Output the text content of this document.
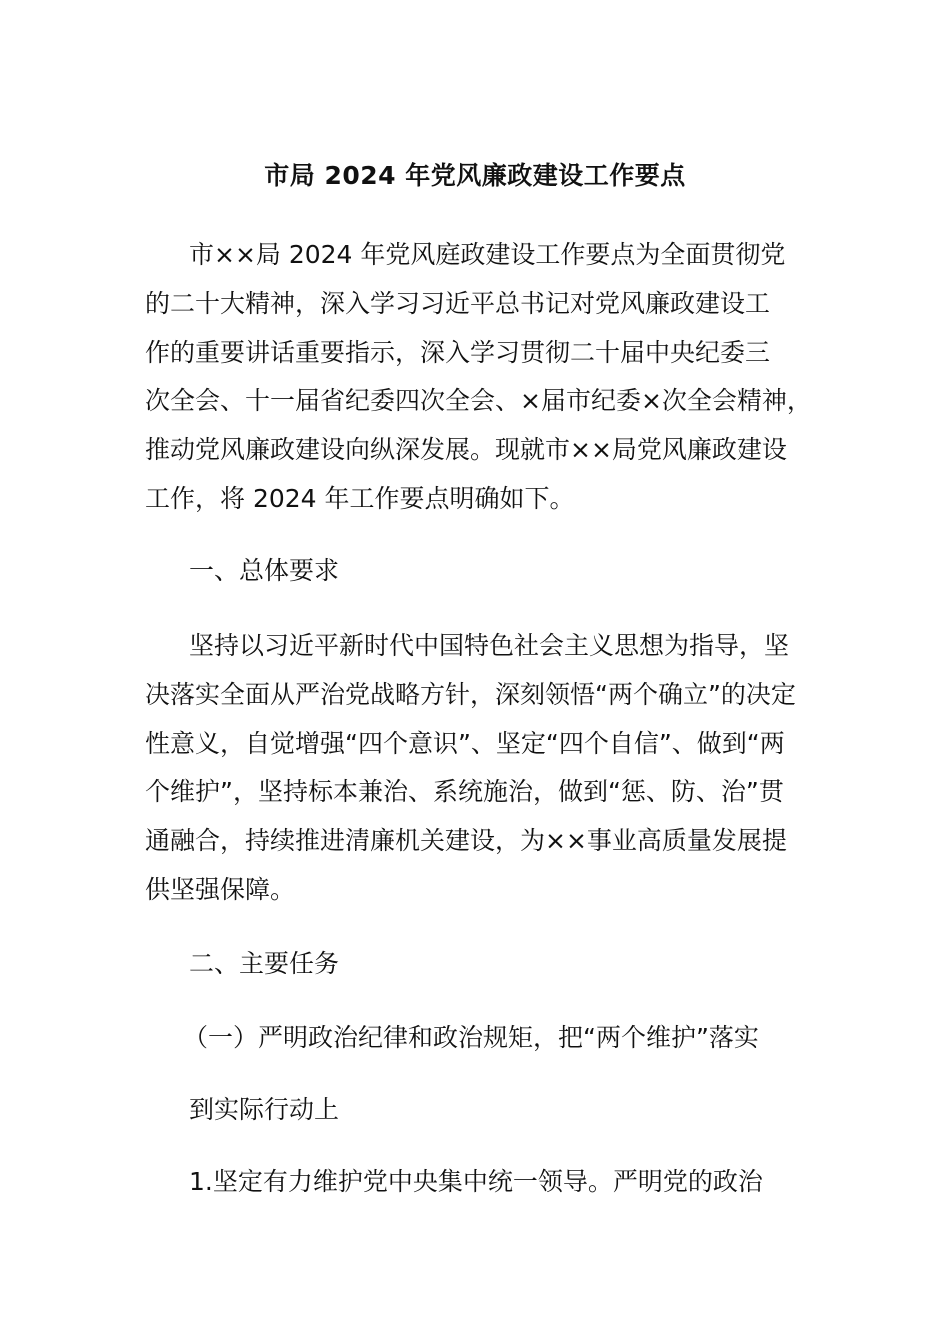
市局 2024 年党风廉政建设工作要点
市××局 2024 年党风庭政建设工作要点为全面贯彻党
的二十大精神，深入学习习近平总书记对党风廉政建设工
作的重要讲话重要指示，深入学习贯彻二十届中央纪委三
次全会、十一届省纪委四次全会、×届市纪委×次全会精神，
推动党风廉政建设向纵深发展。现就市××局党风廉政建设
工作，将 2024 年工作要点明确如下。
一、总体要求
坚持以习近平新时代中国特色社会主义思想为指导，坚
决落实全面从严治党战略方针，深刻领悟“两个确立”的决定
性意义，自觉增强“四个意识”、坚定“四个自信”、做到“两
个维护”，坚持标本兼治、系统施治，做到“惩、防、治”贯
通融合，持续推进清廉机关建设，为××事业高质量发展提
供坚强保障。
二、主要任务
（一）严明政治纪律和政治规矩，把“两个维护”落实
到实际行动上
1.坚定有力维护党中央集中统一领导。严明党的政治
